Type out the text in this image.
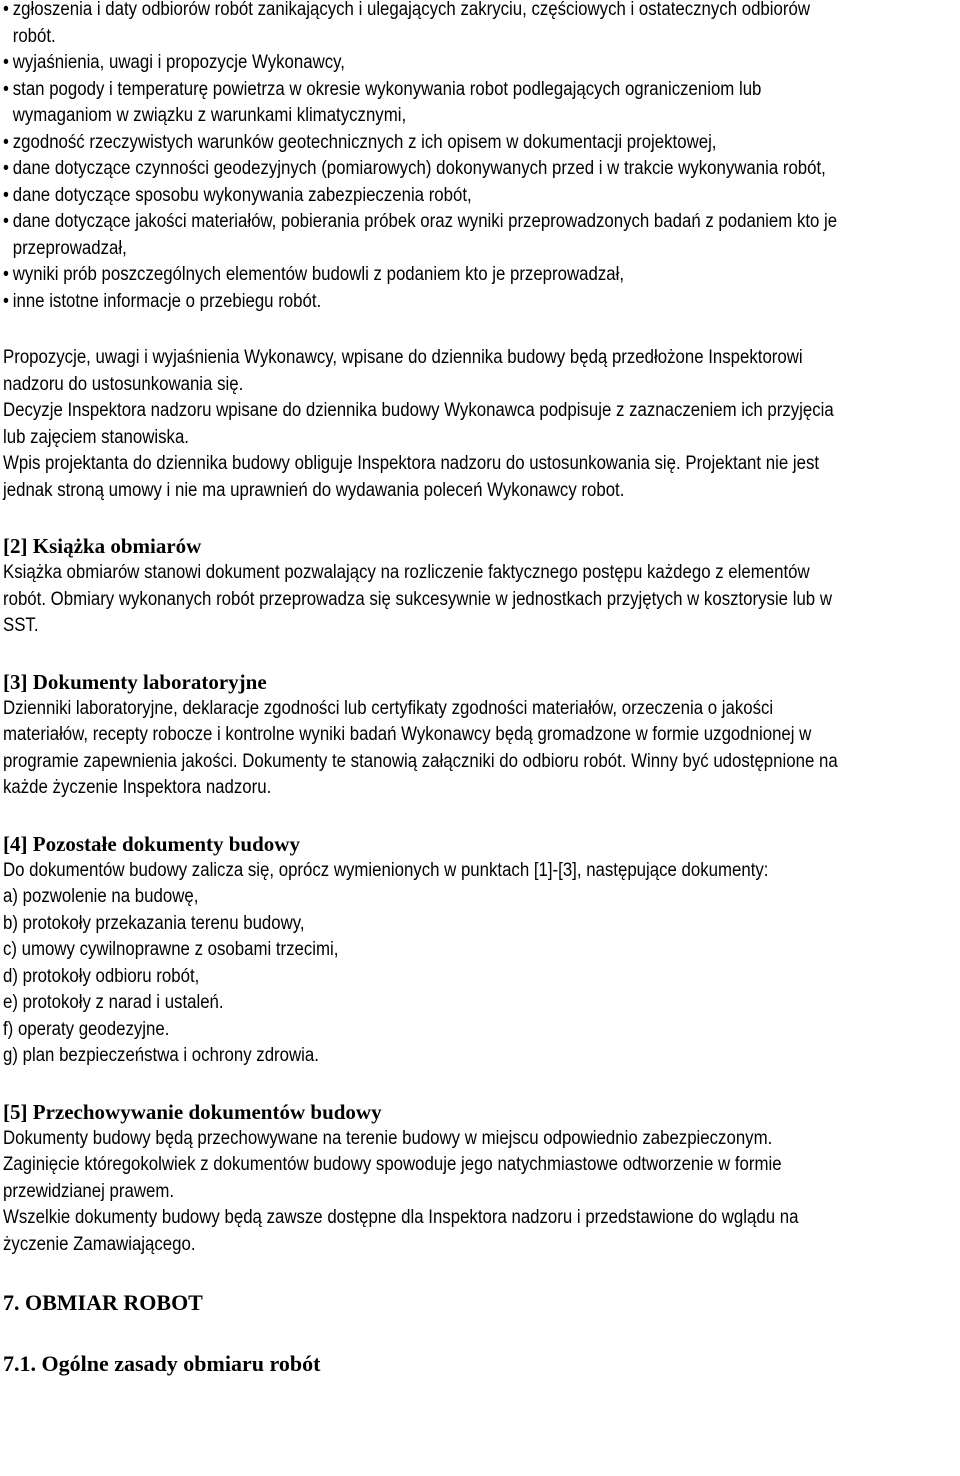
• zgłoszenia i daty odbiorów robót zanikających i ulegających zakryciu, częściowych i ostatecznych odbiorów robót.
• wyjaśnienia, uwagi i propozycje Wykonawcy,
• stan pogody i temperaturę powietrza w okresie wykonywania robot podlegających ograniczeniom lub wymaganiom w związku z warunkami klimatycznymi,
• zgodność rzeczywistych warunków geotechnicznych z ich opisem w dokumentacji projektowej,
• dane dotyczące czynności geodezyjnych (pomiarowych) dokonywanych przed i w trakcie wykonywania robót,
• dane dotyczące sposobu wykonywania zabezpieczenia robót,
• dane dotyczące jakości materiałów, pobierania próbek oraz wyniki przeprowadzonych badań z podaniem kto je przeprowadzał,
• wyniki prób poszczególnych elementów budowli z podaniem kto je przeprowadzał,
• inne istotne informacje o przebiegu robót.

Propozycje, uwagi i wyjaśnienia Wykonawcy, wpisane do dziennika budowy będą przedłożone Inspektorowi nadzoru do ustosunkowania się.

Decyzje Inspektora nadzoru wpisane do dziennika budowy Wykonawca podpisuje z zaznaczeniem ich przyjęcia lub zajęciem stanowiska.

Wpis projektanta do dziennika budowy obliguje Inspektora nadzoru do ustosunkowania się. Projektant nie jest jednak stroną umowy i nie ma uprawnień do wydawania poleceń Wykonawcy robot.

[2] Książka obmiarów

Książka obmiarów stanowi dokument pozwalający na rozliczenie faktycznego postępu każdego z elementów robót. Obmiary wykonanych robót przeprowadza się sukcesywnie w jednostkach przyjętych w kosztorysie lub w SST.

[3] Dokumenty laboratoryjne

Dzienniki laboratoryjne, deklaracje zgodności lub certyfikaty zgodności materiałów, orzeczenia o jakości materiałów, recepty robocze i kontrolne wyniki badań Wykonawcy będą gromadzone w formie uzgodnionej w programie zapewnienia jakości. Dokumenty te stanowią załączniki do odbioru robót. Winny być udostępnione na każde życzenie Inspektora nadzoru.

[4] Pozostałe dokumenty budowy

Do dokumentów budowy zalicza się, oprócz wymienionych w punktach [1]-[3], następujące dokumenty:

a) pozwolenie na budowę,
b) protokoły przekazania terenu budowy,
c) umowy cywilnoprawne z osobami trzecimi,
d) protokoły odbioru robót,
e) protokoły z narad i ustaleń.
f) operaty geodezyjne.
g) plan bezpieczeństwa i ochrony zdrowia.
[5] Przechowywanie dokumentów budowy

Dokumenty budowy będą przechowywane na terenie budowy w miejscu odpowiednio zabezpieczonym. Zaginięcie któregokolwiek z dokumentów budowy spowoduje jego natychmiastowe odtworzenie w formie przewidzianej prawem.

Wszelkie dokumenty budowy będą zawsze dostępne dla Inspektora nadzoru i przedstawione do wglądu na życzenie Zamawiającego.

7. OBMIAR ROBOT
7.1. Ogólne zasady obmiaru robót
